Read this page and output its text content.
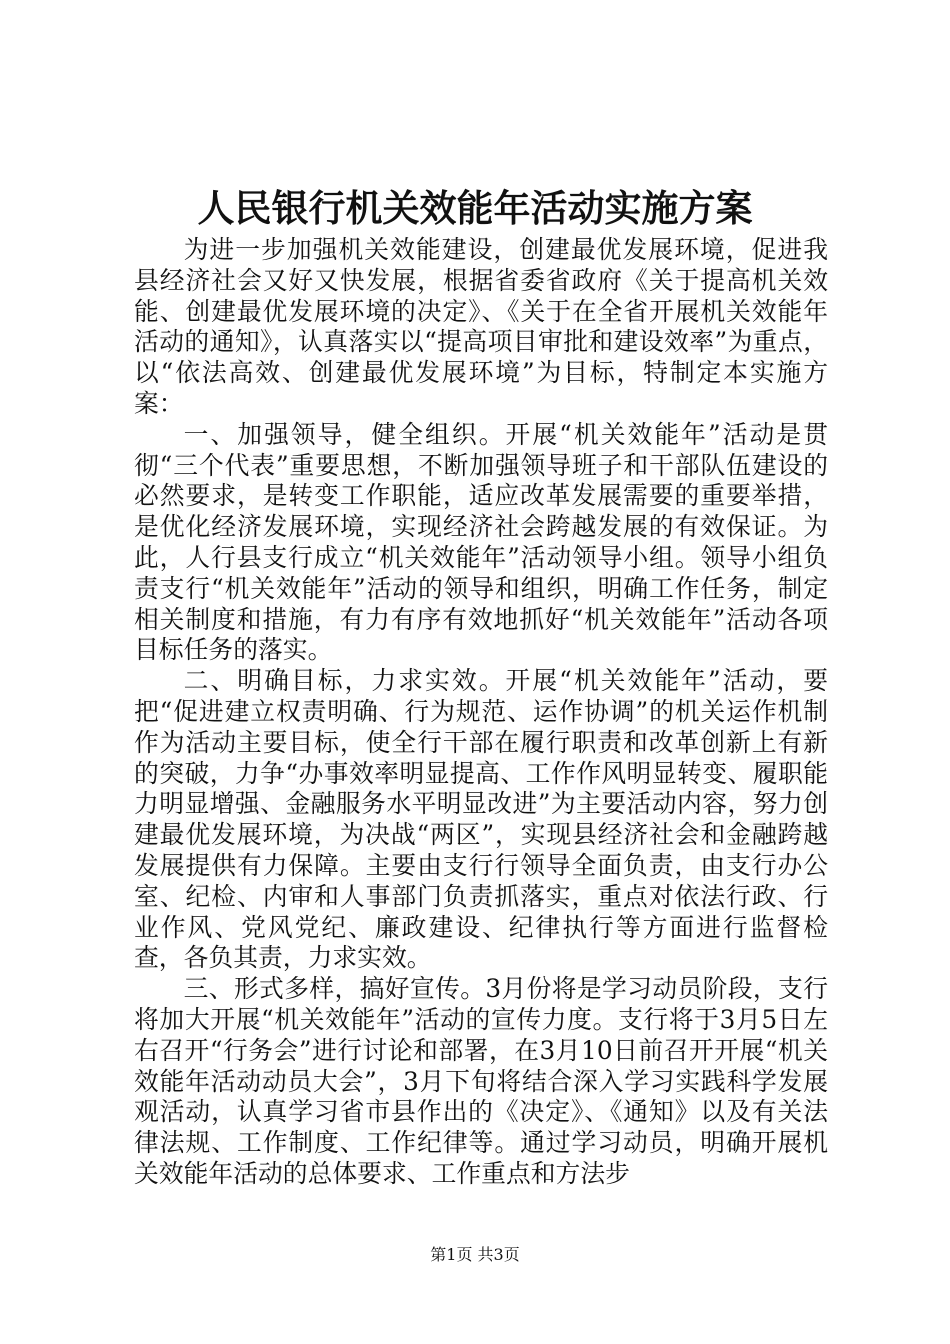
人民银行机关效能年活动实施方案

为进一步加强机关效能建设，创建最优发展环境，促进我县经济社会又好又快发展，根据省委省政府《关于提高机关效能、创建最优发展环境的决定》、《关于在全省开展机关效能年活动的通知》，认真落实以“提高项目审批和建设效率”为重点，以“依法高效、创建最优发展环境”为目标，特制定本实施方案：

一、加强领导，健全组织。开展“机关效能年”活动是贯彻“三个代表”重要思想，不断加强领导班子和干部队伍建设的必然要求，是转变工作职能，适应改革发展需要的重要举措，是优化经济发展环境，实现经济社会跨越发展的有效保证。为此，人行县支行成立“机关效能年”活动领导小组。领导小组负责支行“机关效能年”活动的领导和组织，明确工作任务，制定相关制度和措施，有力有序有效地抓好“机关效能年”活动各项目标任务的落实。

二、明确目标，力求实效。开展“机关效能年”活动，要把“促进建立权责明确、行为规范、运作协调”的机关运作机制作为活动主要目标，使全行干部在履行职责和改革创新上有新的突破，力争“办事效率明显提高、工作作风明显转变、履职能力明显增强、金融服务水平明显改进”为主要活动内容，努力创建最优发展环境，为决战“两区”，实现县经济社会和金融跨越发展提供有力保障。主要由支行行领导全面负责，由支行办公室、纪检、内审和人事部门负责抓落实，重点对依法行政、行业作风、党风党纪、廉政建设、纪律执行等方面进行监督检查，各负其责，力求实效。

三、形式多样，搞好宣传。3月份将是学习动员阶段，支行将加大开展“机关效能年”活动的宣传力度。支行将于3月5日左右召开“行务会”进行讨论和部署，在3月10日前召开开展“机关效能年活动动员大会”，3月下旬将结合深入学习实践科学发展观活动，认真学习省市县作出的《决定》、《通知》以及有关法律法规、工作制度、工作纪律等。通过学习动员，明确开展机关效能年活动的总体要求、工作重点和方法步

第1页 共3页
